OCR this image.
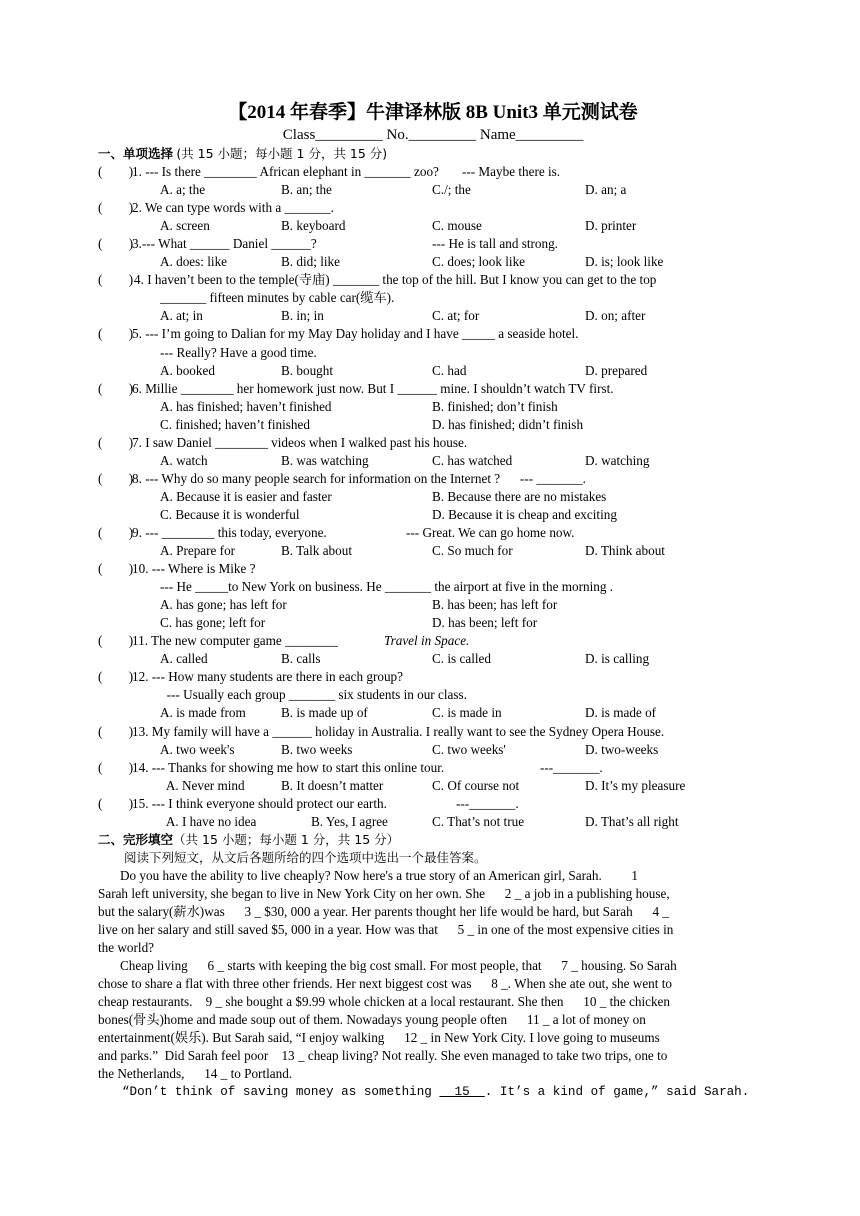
【2014 年春季】牛津译林版 8B Unit3 单元测试卷
Class_________ No._________ Name_________
一、单项选择 (共 15 小题；每小题 1 分，共 15 分)
(        )
1. --- Is there ________ African elephant in _______ zoo?       --- Maybe there is.
A. a; the	B. an; the	C./; the	D. an; a
(        )
2. We can type words with a _______.
A. screen	B. keyboard	C. mouse	D. printer
(        )
3.--- What ______ Daniel ______?	--- He is tall and strong.
A. does: like	B. did; like	C. does; look like	D. is; look like
(        ) 4. I haven’t been to the temple(寺庙) _______ the top of the hill. But I know you can get to the top
_______ fifteen minutes by cable car(缆车).
A. at; in	B. in; in	C. at; for	D. on; after
(        )
5. --- I’m going to Dalian for my May Day holiday and I have _____ a seaside hotel.
--- Really? Have a good time.
A. booked	B. bought	C. had	D. prepared
(        )
6. Millie ________ her homework just now. But I ______ mine. I shouldn’t watch TV first.
A. has finished; haven’t finished	B. finished; don’t finish
C. finished; haven’t finished	D. has finished; didn’t finish
(        )
7. I saw Daniel ________ videos when I walked past his house.
A. watch	B. was watching	C. has watched	D. watching
(        )
8. --- Why do so many people search for information on the Internet ?      --- _______.
A. Because it is easier and faster	B. Because there are no mistakes
C. Because it is wonderful	D. Because it is cheap and exciting
(        )
9. --- ________ this today, everyone.	--- Great. We can go home now.
A. Prepare for	B. Talk about	C. So much for	D. Think about
(        )
10. --- Where is Mike ?
--- He _____to New York on business. He _______ the airport at five in the morning .
A. has gone; has left for	B. has been; has left for
C. has gone; left for	D. has been; left for
(        )
11. The new computer game ________	Travel in Space.
A. called	B. calls	C. is called	D. is calling
(        )
12. --- How many students are there in each group?
--- Usually each group _______ six students in our class.
A. is made from	B. is made up of	C. is made in	D. is made of
(        )
13. My family will have a ______ holiday in Australia. I really want to see the Sydney Opera House.
A. two week's	B. two weeks	C. two weeks'	D. two-weeks
(        )
14. --- Thanks for showing me how to start this online tour.	---_______.
A. Never mind	B. It doesn’t matter	C. Of course not	D. It’s my pleasure
(        )
15. --- I think everyone should protect our earth.	---_______.
A. I have no idea	B. Yes, I agree	C. That’s not true	D. That’s all right
二、完形填空（共 15 小题；每小题 1 分，共 15 分）
阅读下列短文，从文后各题所给的四个选项中选出一个最佳答案。
Do you have the ability to live cheaply? Now here's a true story of an American girl, Sarah.         1
Sarah left university, she began to live in New York City on her own. She      2 _ a job in a publishing house,
but the salary(薪水)was      3 _ $30, 000 a year. Her parents thought her life would be hard, but Sarah      4 _
live on her salary and still saved $5, 000 in a year. How was that      5 _ in one of the most expensive cities in
the world?
Cheap living      6 _ starts with keeping the big cost small. For most people, that      7 _ housing. So Sarah
chose to share a flat with three other friends. Her next biggest cost was      8 _. When she ate out, she went to
cheap restaurants.    9 _ she bought a $9.99 whole chicken at a local restaurant. She then      10 _ the chicken
bones(骨头)home and made soup out of them. Nowadays young people often      11 _ a lot of money on
entertainment(娱乐). But Sarah said, “I enjoy walking      12 _ in New York City. I love going to museums
and parks.”  Did Sarah feel poor    13 _ cheap living? Not really. She even managed to take two trips, one to
the Netherlands,      14 _ to Portland.
“Don’t think of saving money as something   15  . It’s a kind of game,” said Sarah.
